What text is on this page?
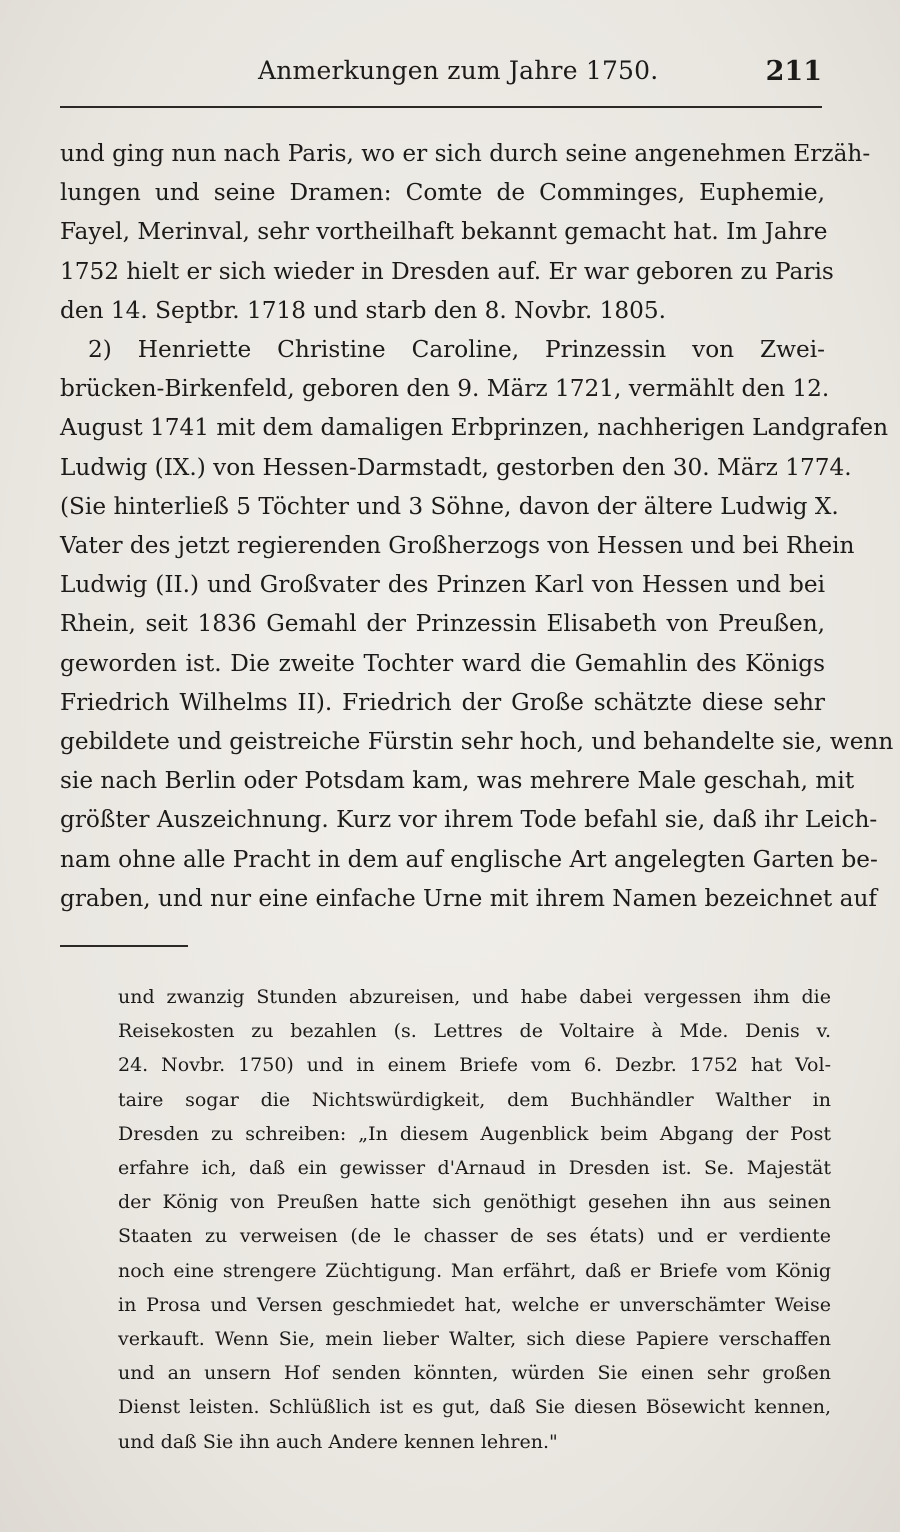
Anmerkungen zum Jahre 1750.	211
und ging nun nach Paris, wo er sich durch seine angenehmen Erzäh-
lungen und seine Dramen: Comte de Comminges, Euphemie,
Fayel, Merinval, sehr vortheilhaft bekannt gemacht hat. Im Jahre
1752 hielt er sich wieder in Dresden auf. Er war geboren zu Paris
den 14. Septbr. 1718 und starb den 8. Novbr. 1805.
2) Henriette Christine Caroline, Prinzessin von Zwei-
brücken-Birkenfeld, geboren den 9. März 1721, vermählt den 12.
August 1741 mit dem damaligen Erbprinzen, nachherigen Landgrafen
Ludwig (IX.) von Hessen-Darmstadt, gestorben den 30. März 1774.
(Sie hinterließ 5 Töchter und 3 Söhne, davon der ältere Ludwig X.
Vater des jetzt regierenden Großherzogs von Hessen und bei Rhein
Ludwig (II.) und Großvater des Prinzen Karl von Hessen und bei
Rhein, seit 1836 Gemahl der Prinzessin Elisabeth von Preußen,
geworden ist. Die zweite Tochter ward die Gemahlin des Königs
Friedrich Wilhelms II). Friedrich der Große schätzte diese sehr
gebildete und geistreiche Fürstin sehr hoch, und behandelte sie, wenn
sie nach Berlin oder Potsdam kam, was mehrere Male geschah, mit
größter Auszeichnung. Kurz vor ihrem Tode befahl sie, daß ihr Leich-
nam ohne alle Pracht in dem auf englische Art angelegten Garten be-
graben, und nur eine einfache Urne mit ihrem Namen bezeichnet auf
und zwanzig Stunden abzureisen, und habe dabei vergessen ihm die
Reisekosten zu bezahlen (s. Lettres de Voltaire à Mde. Denis v.
24. Novbr. 1750) und in einem Briefe vom 6. Dezbr. 1752 hat Vol-
taire sogar die Nichtswürdigkeit, dem Buchhändler Walther in
Dresden zu schreiben: „In diesem Augenblick beim Abgang der Post
erfahre ich, daß ein gewisser d'Arnaud in Dresden ist. Se. Majestät
der König von Preußen hatte sich genöthigt gesehen ihn aus seinen
Staaten zu verweisen (de le chasser de ses états) und er verdiente
noch eine strengere Züchtigung. Man erfährt, daß er Briefe vom König
in Prosa und Versen geschmiedet hat, welche er unverschämter Weise
verkauft. Wenn Sie, mein lieber Walter, sich diese Papiere verschaffen
und an unsern Hof senden könnten, würden Sie einen sehr großen
Dienst leisten. Schlüßlich ist es gut, daß Sie diesen Bösewicht kennen,
und daß Sie ihn auch Andere kennen lehren."
